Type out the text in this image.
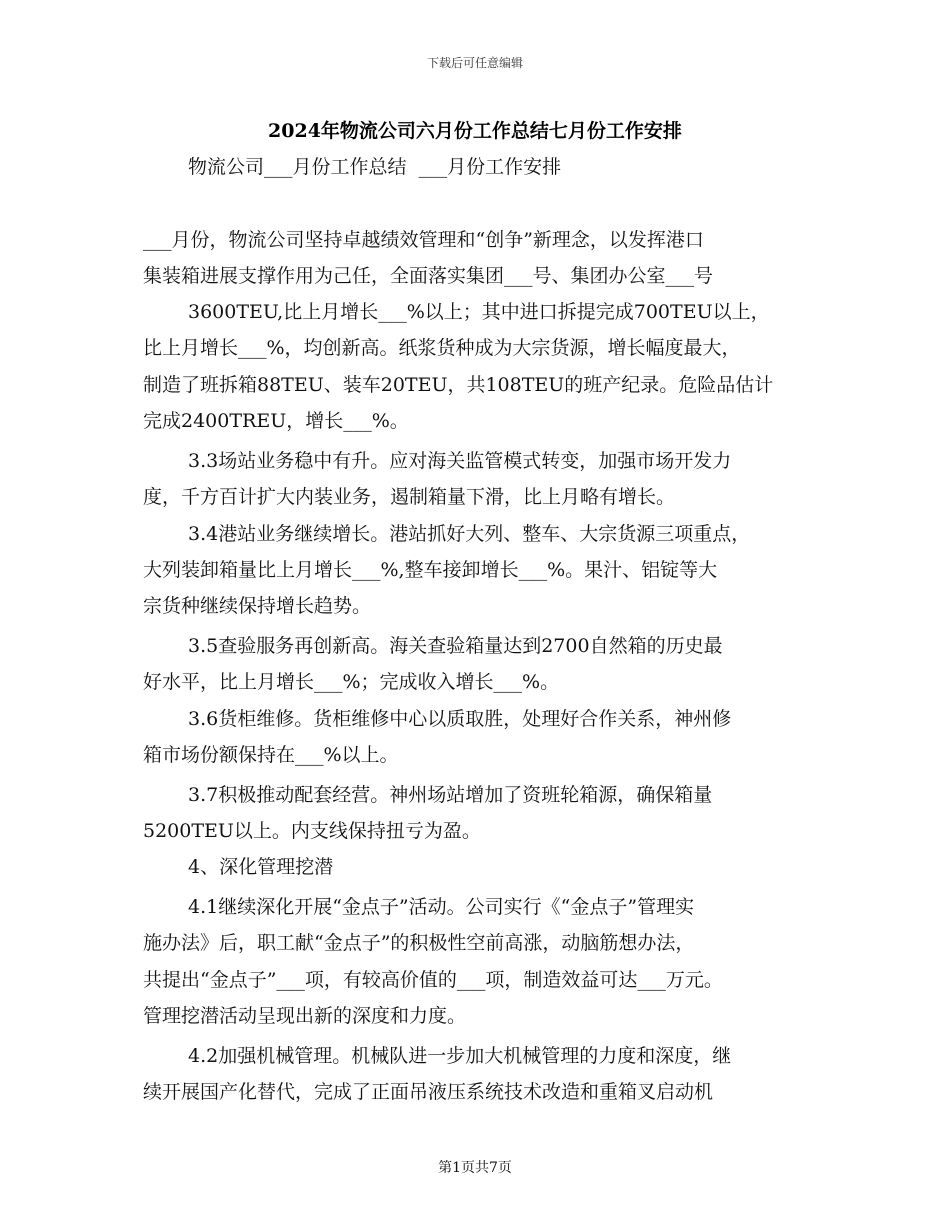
下载后可任意编辑
2024年物流公司六月份工作总结七月份工作安排
物流公司___月份工作总结  ___月份工作安排
___月份，物流公司坚持卓越绩效管理和“创争”新理念，以发挥港口
集装箱进展支撑作用为己任，全面落实集团___号、集团办公室___号
3600TEU,比上月增长___%以上；其中进口拆提完成700TEU以上，
比上月增长___%，均创新高。纸浆货种成为大宗货源，增长幅度最大，
制造了班拆箱88TEU、装车20TEU，共108TEU的班产纪录。危险品估计
完成2400TREU，增长___%。
3.3场站业务稳中有升。应对海关监管模式转变，加强市场开发力
度，千方百计扩大内装业务，遏制箱量下滑，比上月略有增长。
3.4港站业务继续增长。港站抓好大列、整车、大宗货源三项重点，
大列装卸箱量比上月增长___%,整车接卸增长___%。果汁、铝锭等大
宗货种继续保持增长趋势。
3.5查验服务再创新高。海关查验箱量达到2700自然箱的历史最
好水平，比上月增长___%；完成收入增长___%。
3.6货柜维修。货柜维修中心以质取胜，处理好合作关系，神州修
箱市场份额保持在___%以上。
3.7积极推动配套经营。神州场站增加了资班轮箱源，确保箱量
5200TEU以上。内支线保持扭亏为盈。
4、深化管理挖潜
4.1继续深化开展“金点子”活动。公司实行《“金点子”管理实
施办法》后，职工献“金点子”的积极性空前高涨，动脑筋想办法，
共提出“金点子”___项，有较高价值的___项，制造效益可达___万元。
管理挖潜活动呈现出新的深度和力度。
4.2加强机械管理。机械队进一步加大机械管理的力度和深度，继
续开展国产化替代，完成了正面吊液压系统技术改造和重箱叉启动机
第1页共7页
